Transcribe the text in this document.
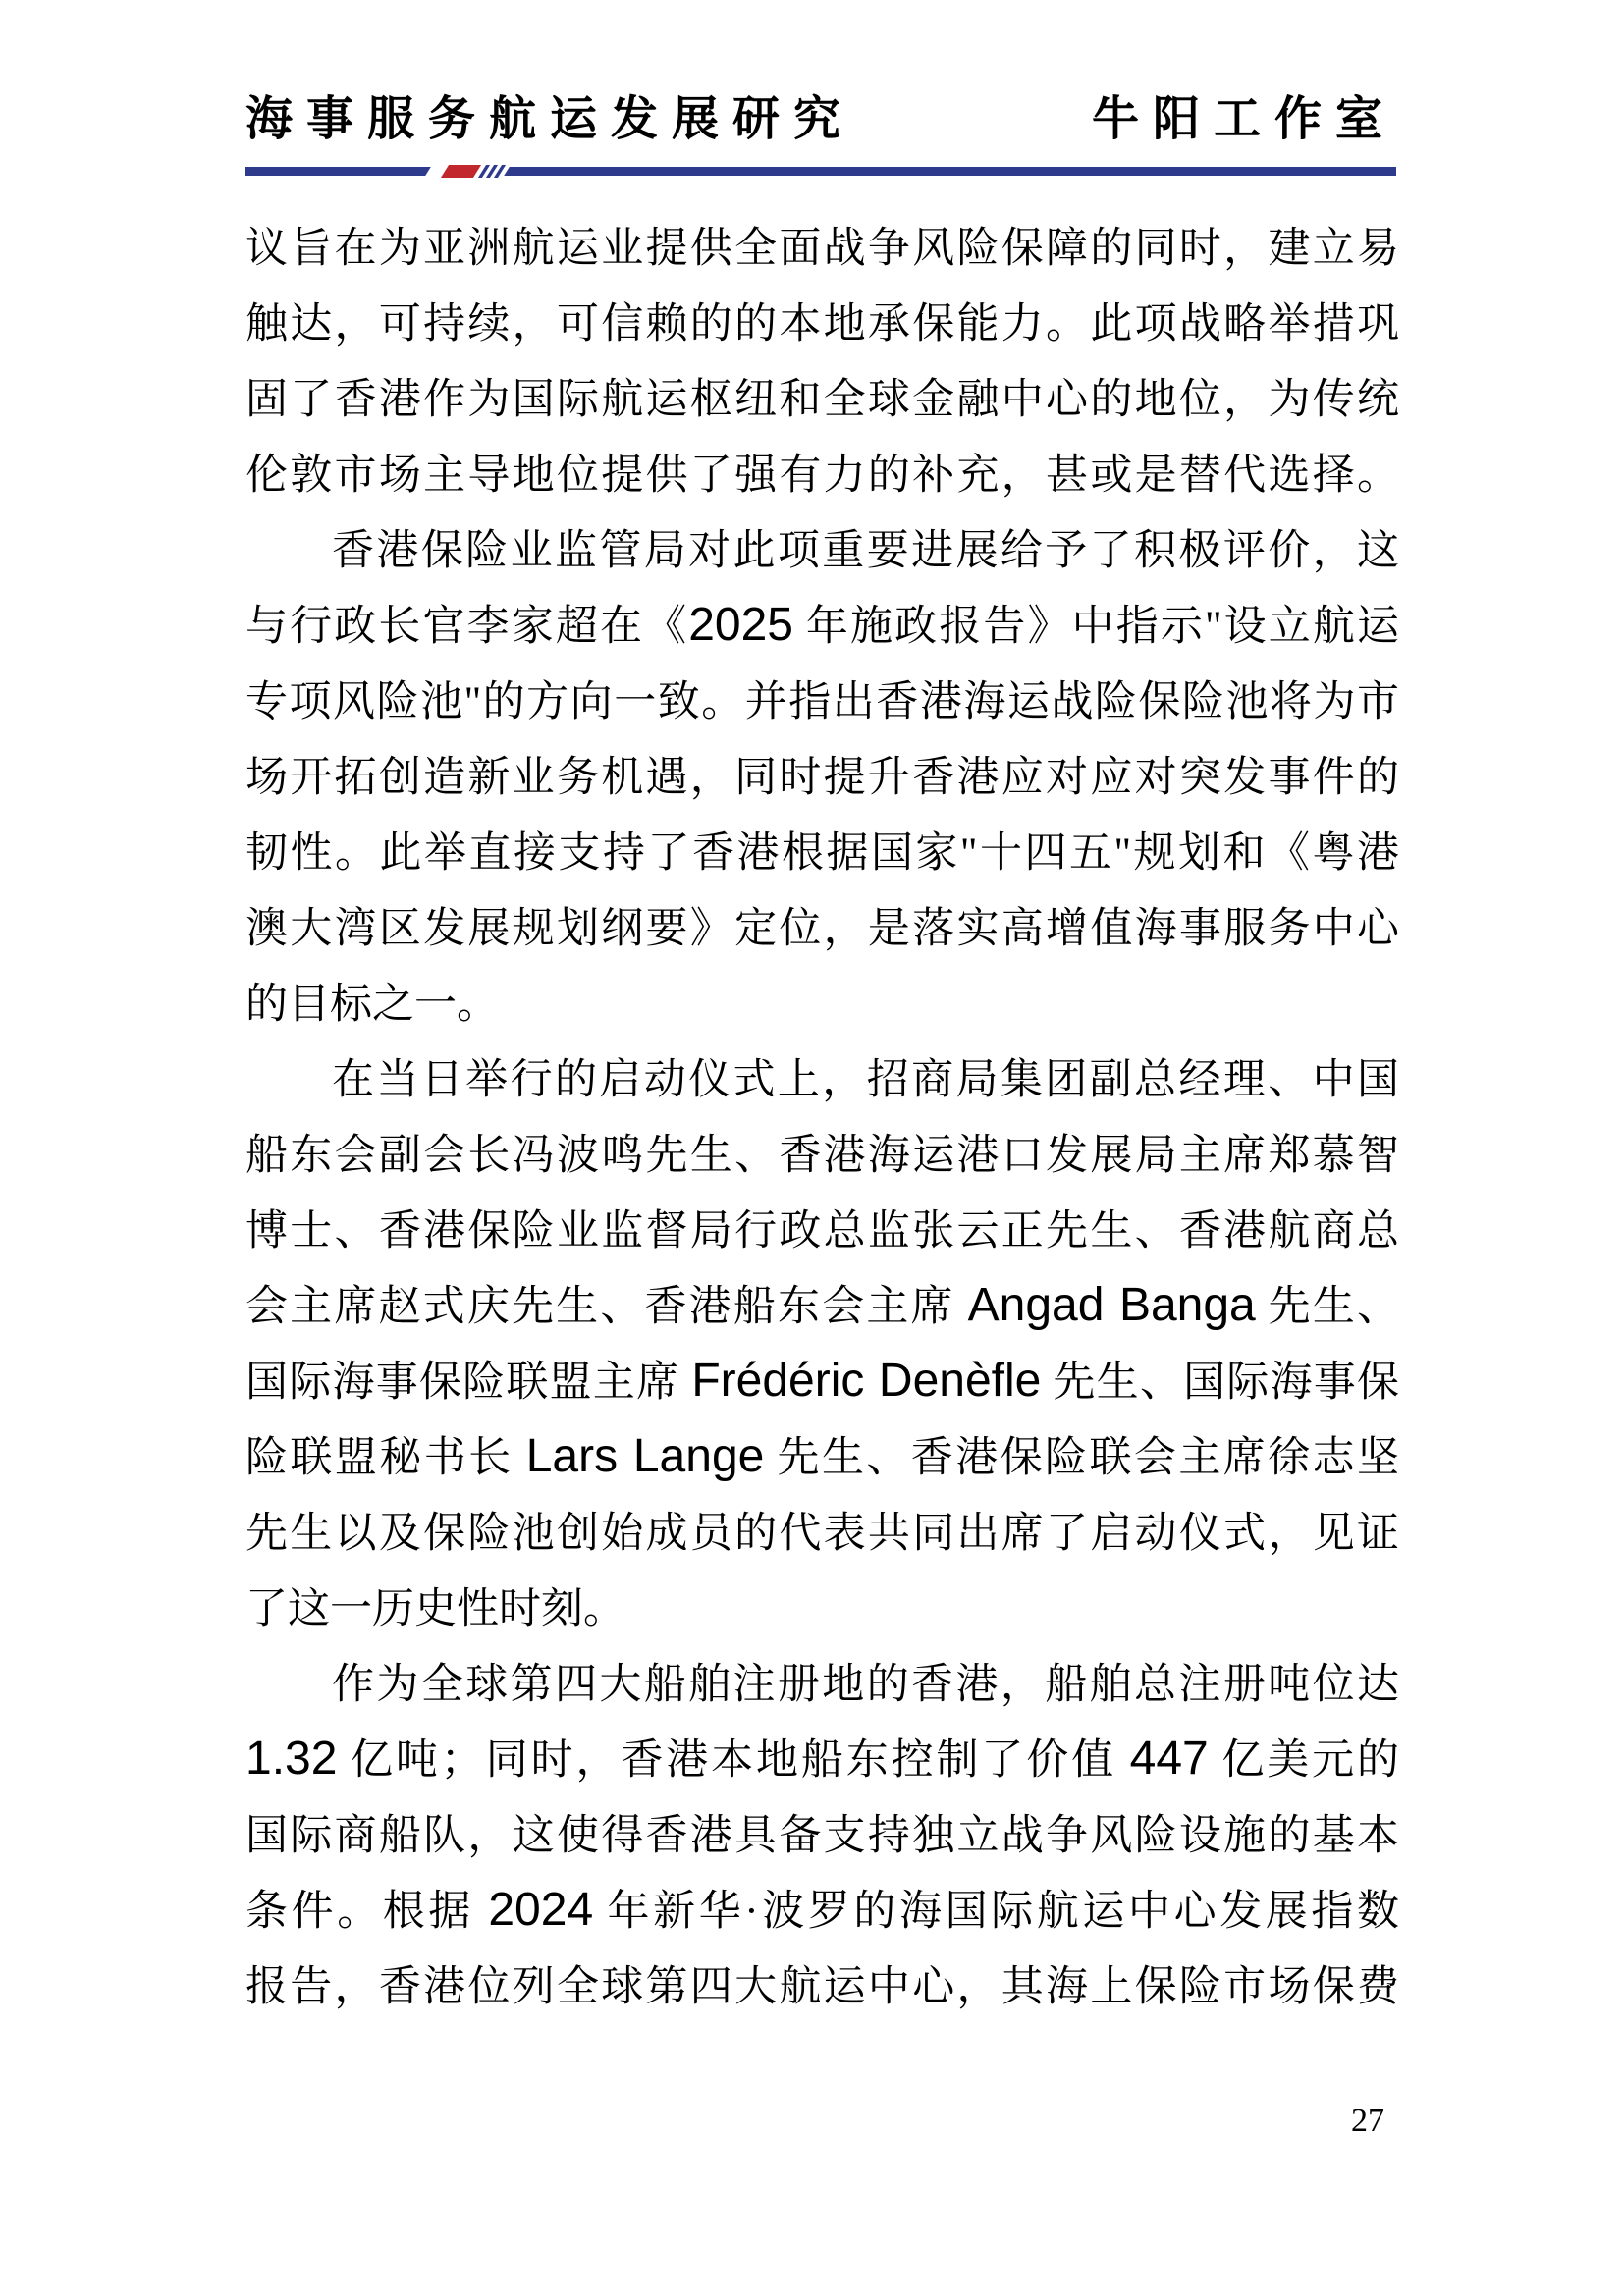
海事服务航运发展研究	牛阳工作室
议旨在为亚洲航运业提供全面战争风险保障的同时，建立易
触达，可持续，可信赖的的本地承保能力。此项战略举措巩
固了香港作为国际航运枢纽和全球金融中心的地位，为传统
伦敦市场主导地位提供了强有力的补充，甚或是替代选择。
香港保险业监管局对此项重要进展给予了积极评价，这
与行政长官李家超在《2025 年施政报告》中指示"设立航运
专项风险池"的方向一致。并指出香港海运战险保险池将为市
场开拓创造新业务机遇，同时提升香港应对应对突发事件的
韧性。此举直接支持了香港根据国家"十四五"规划和《粤港
澳大湾区发展规划纲要》定位，是落实高增值海事服务中心
的目标之一。
在当日举行的启动仪式上，招商局集团副总经理、中国
船东会副会长冯波鸣先生、香港海运港口发展局主席郑慕智
博士、香港保险业监督局行政总监张云正先生、香港航商总
会主席赵式庆先生、香港船东会主席 Angad Banga 先生、
国际海事保险联盟主席 Frédéric Denèfle 先生、国际海事保
险联盟秘书长 Lars Lange 先生、香港保险联会主席徐志坚
先生以及保险池创始成员的代表共同出席了启动仪式，见证
了这一历史性时刻。
作为全球第四大船舶注册地的香港，船舶总注册吨位达
1.32 亿吨；同时，香港本地船东控制了价值 447 亿美元的
国际商船队，这使得香港具备支持独立战争风险设施的基本
条件。根据 2024 年新华·波罗的海国际航运中心发展指数
报告，香港位列全球第四大航运中心，其海上保险市场保费
27
